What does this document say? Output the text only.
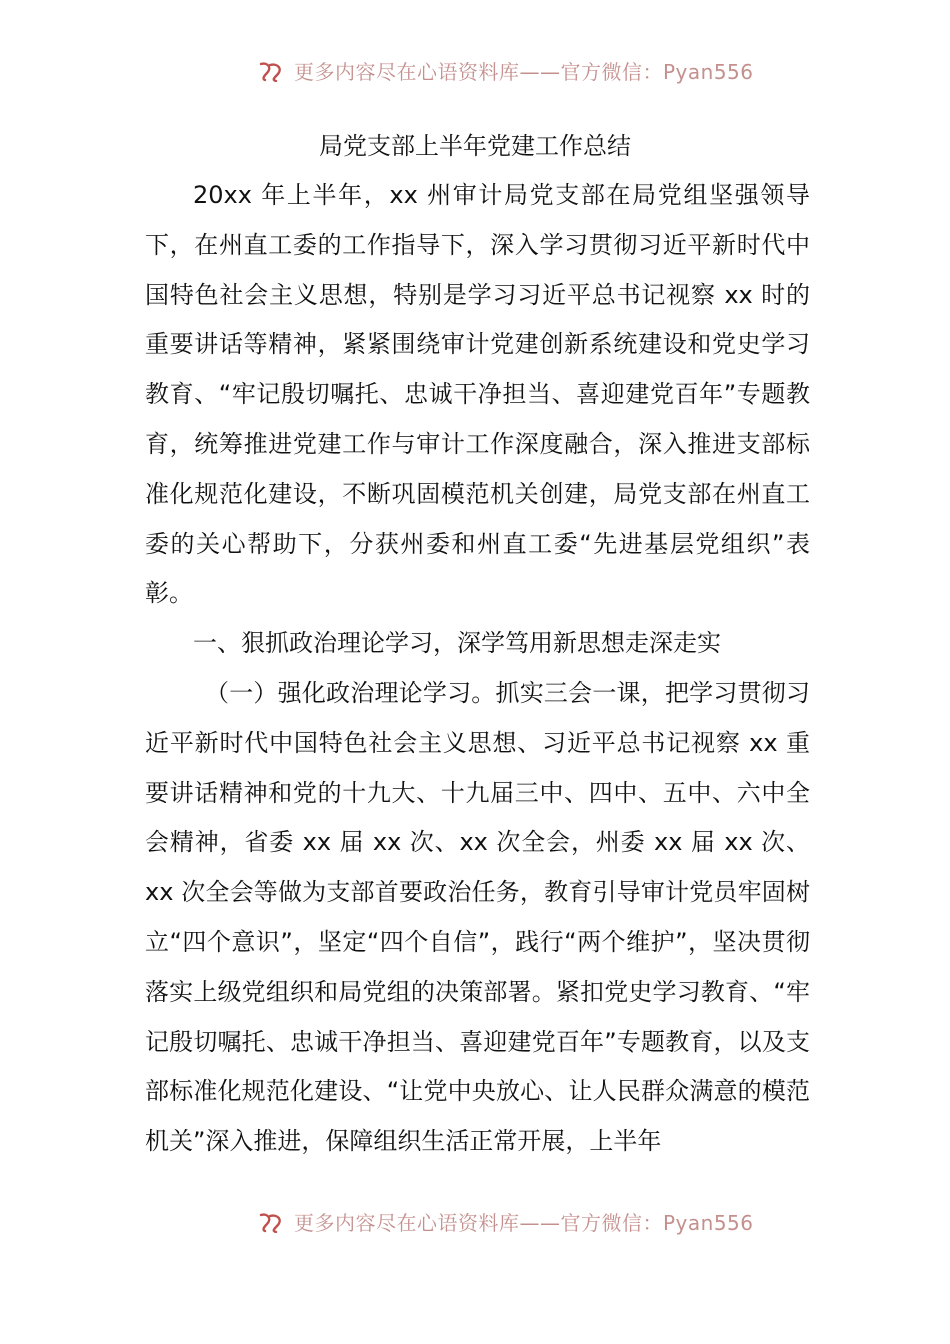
更多内容尽在心语资料库——官方微信：Pyan556
局党支部上半年党建工作总结

20xx 年上半年，xx 州审计局党支部在局党组坚强领导下，在州直工委的工作指导下，深入学习贯彻习近平新时代中国特色社会主义思想，特别是学习习近平总书记视察 xx 时的重要讲话等精神，紧紧围绕审计党建创新系统建设和党史学习教育、“牢记殷切嘱托、忠诚干净担当、喜迎建党百年”专题教育，统筹推进党建工作与审计工作深度融合，深入推进支部标准化规范化建设，不断巩固模范机关创建，局党支部在州直工委的关心帮助下，分获州委和州直工委“先进基层党组织”表彰。

一、狠抓政治理论学习，深学笃用新思想走深走实

（一）强化政治理论学习。抓实三会一课，把学习贯彻习近平新时代中国特色社会主义思想、习近平总书记视察 xx 重要讲话精神和党的十九大、十九届三中、四中、五中、六中全会精神，省委 xx 届 xx 次、xx 次全会，州委 xx 届 xx 次、xx 次全会等做为支部首要政治任务，教育引导审计党员牢固树立“四个意识”，坚定“四个自信”，践行“两个维护”，坚决贯彻落实上级党组织和局党组的决策部署。紧扣党史学习教育、“牢记殷切嘱托、忠诚干净担当、喜迎建党百年”专题教育，以及支部标准化规范化建设、“让党中央放心、让人民群众满意的模范机关”深入推进，保障组织生活正常开展，上半年

更多内容尽在心语资料库——官方微信：Pyan556
